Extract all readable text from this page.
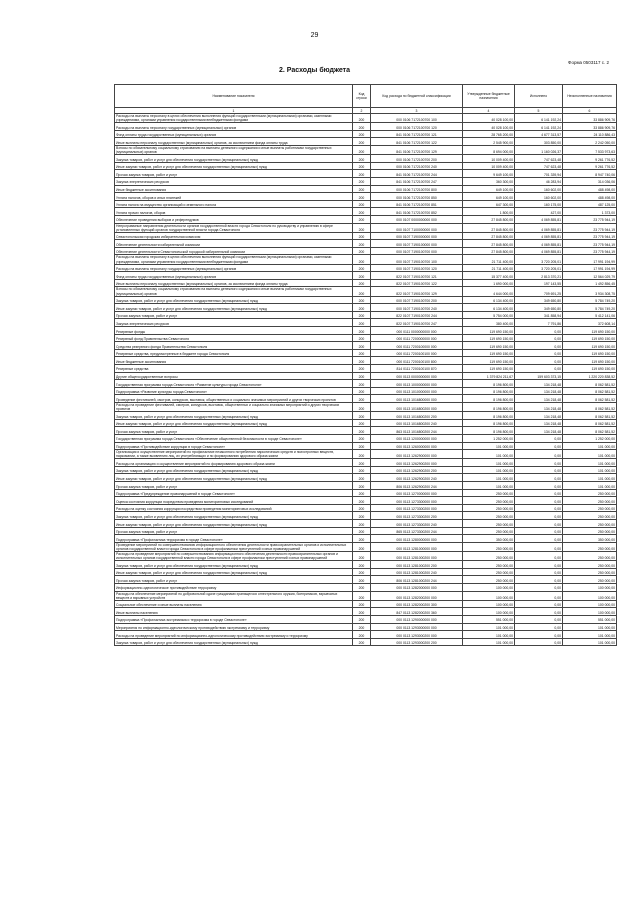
29
Форма 0503117 с. 2
2. Расходы бюджета
Наименование показателя	Код строки	Код расхода по бюджетной классификации	Утвержденные бюджетные назначения	Исполнено	Неисполненные назначения
1	2	3	4	5	6
Расходы на выплаты персоналу в целях обеспечения выполнения функций государственными (муниципальными) органами, казенными учреждениями, органами управления государственными внебюджетными фондами	200	000 0106 7172100700 100	40 028 100,00	6 141 192,24	33 886 909,76
Расходы на выплаты персоналу государственных (муниципальных) органов	200	000 0106 7172100700 120	40 028 100,00	6 141 192,24	33 886 909,76
Фонд оплаты труда государственных (муниципальных) органов	200	841 0106 7172100700 121	28 765 200,00	4 677 313,57	24 110 886,43
Иные выплаты персоналу государственных (муниципальных) органов, за исключением фонда оплаты труда	200	841 0106 7172100700 122	2 545 900,00	303 850,00	2 242 050,00
Взносы по обязательному социальному страхованию на выплаты денежного содержания и иные выплаты работникам государственных (муниципальных) органов	200	841 0106 7172100700 129	8 694 000,00	1 160 026,37	7 533 973,63
Закупка товаров, работ и услуг для обеспечения государственных (муниципальных) нужд	200	000 0106 7172100700 200	10 009 400,00	747 623,48	9 261 776,52
Иные закупки товаров, работ и услуг для обеспечения государственных (муниципальных) нужд	200	000 0106 7172100700 240	10 009 400,00	747 623,48	9 261 776,52
Прочая закупка товаров, работ и услуг	200	841 0106 7172100700 244	9 649 100,00	701 339,94	8 947 740,06
Закупка энергетических ресурсов	200	841 0106 7172100700 247	360 300,00	46 283,94	314 036,06
Иные бюджетные ассигнования	200	000 0106 7172100700 800	649 100,00	160 602,00	488 498,00
Уплата налогов, сборов и иных платежей	200	000 0106 7172100700 850	649 100,00	160 602,00	488 498,00
Уплата налога на имущество организаций и земельного налога	200	841 0106 7172100700 851	647 300,00	160 175,00	487 125,00
Уплата прочих налогов, сборов	200	841 0106 7172100700 852	1 800,00	427,00	1 373,00
Обеспечение проведения выборов и референдумов	200	000 0107 0000000000 000	27 845 800,00	4 069 855,81	23 775 944,19
Непрограммные направления деятельности органов государственной власти города Севастополя по руководству и управлению в сфере установленных функций органов государственной власти города Севастополя	200	000 0107 7100000000 000	27 845 800,00	4 069 855,81	23 775 944,19
Севастопольская городская избирательная комиссия	200	000 0107 7190000000 000	27 845 800,00	4 069 855,81	23 775 944,19
Обеспечение деятельности избирательной комиссии	200	000 0107 7190100000 000	27 845 800,00	4 069 855,81	23 775 944,19
Обеспечение деятельности Севастопольской городской избирательной комиссии	200	000 0107 7190100700 000	27 845 800,00	4 069 855,81	23 775 944,19
Расходы на выплаты персоналу в целях обеспечения выполнения функций государственными (муниципальными) органами, казенными учреждениями, органами управления государственными внебюджетными фондами	200	000 0107 7190100700 100	21 711 400,00	3 720 205,01	17 991 194,99
Расходы на выплаты персоналу государственных (муниципальных) органов	200	000 0107 7190100700 120	21 711 400,00	3 720 205,01	17 991 194,99
Фонд оплаты труда государственных (муниципальных) органов	200	822 0107 7190100700 121	15 377 400,00	2 813 370,21	12 564 029,79
Иные выплаты персоналу государственных (муниципальных) органов, за исключением фонда оплаты труда	200	822 0107 7190100700 122	1 690 000,00	197 143,55	1 492 856,45
Взносы по обязательному социальному страхованию на выплаты денежного содержания и иные выплаты работникам государственных (муниципальных) органов	200	822 0107 7190100700 129	4 644 000,00	709 691,25	3 934 308,75
Закупка товаров, работ и услуг для обеспечения государственных (муниципальных) нужд	200	000 0107 7190100700 200	6 134 400,00	349 650,80	5 784 749,20
Иные закупки товаров, работ и услуг для обеспечения государственных (муниципальных) нужд	200	000 0107 7190100700 240	6 134 400,00	349 650,80	5 784 749,20
Прочая закупка товаров, работ и услуг	200	822 0107 7190100700 244	5 754 000,00	341 858,94	5 412 141,06
Закупка энергетических ресурсов	200	822 0107 7190100700 247	380 400,00	7 791,86	372 608,14
Резервные фонды	200	000 0111 0000000000 000	119 690 150,00	0,00	119 690 150,00
Резервный фонд Правительства Севастополя	200	000 0111 7200000000 000	119 690 150,00	0,00	119 690 150,00
Средства резервного фонда Правительства Севастополя	200	000 0111 7200100000 000	119 690 150,00	0,00	119 690 150,00
Резервные средства, предусмотренные в бюджете города Севастополя	200	000 0111 7200100100 000	119 690 150,00	0,00	119 690 150,00
Иные бюджетные ассигнования	200	000 0111 7200100100 800	119 690 150,00	0,00	119 690 150,00
Резервные средства	200	814 0111 7200100100 870	119 690 150,00	0,00	119 690 150,00
Другие общегосударственные вопросы	200	000 0113 0000000000 000	1 379 824 211,67	159 603 373,15	1 220 220 838,52
Государственная программа города Севастополя «Развитие культуры города Севастополя»	200	000 0113 1000000000 000	8 196 800,00	134 218,48	8 062 581,52
Подпрограмма «Развитие культуры города Севастополя»	200	000 0113 1010000000 000	8 196 800,00	134 218,48	8 062 581,52
Проведение фестивалей, смотров, конкурсов, выставок, общественных и социально значимых мероприятий и других творческих проектов	200	000 0113 1016800000 000	8 196 800,00	134 218,48	8 062 581,52
Расходы на проведение фестивалей, смотров, конкурсов, выставок, общественных и социально значимых мероприятий и других творческих проектов	200	000 0113 1016800200 000	8 196 800,00	134 218,48	8 062 581,52
Закупка товаров, работ и услуг для обеспечения государственных (муниципальных) нужд	200	000 0113 1016800200 200	8 196 800,00	134 218,48	8 062 581,52
Иные закупки товаров, работ и услуг для обеспечения государственных (муниципальных) нужд	200	000 0113 1016800200 240	8 196 800,00	134 218,48	8 062 581,52
Прочая закупка товаров, работ и услуг	200	863 0113 1016800200 244	8 196 800,00	134 218,48	8 062 581,52
Государственная программа города Севастополя «Обеспечение общественной безопасности в городе Севастополе»	200	000 0113 1200000000 000	1 252 000,00	0,00	1 252 000,00
Подпрограмма «Противодействие коррупции в городе Севастополе»	200	000 0113 1260000000 000	101 000,00	0,00	101 000,00
Организация и осуществление мероприятий по профилактике незаконного потребления наркотических средств и психотропных веществ, наркомании, а также выявлению лиц, их употребляющих и по формированию здорового образа жизни	200	000 0113 1262900000 000	101 000,00	0,00	101 000,00
Расходы на организацию и осуществление мероприятий по формированию здорового образа жизни	200	000 0113 1262900200 000	101 000,00	0,00	101 000,00
Закупка товаров, работ и услуг для обеспечения государственных (муниципальных) нужд	200	000 0113 1262900200 200	101 000,00	0,00	101 000,00
Иные закупки товаров, работ и услуг для обеспечения государственных (муниципальных) нужд	200	000 0113 1262900200 240	101 000,00	0,00	101 000,00
Прочая закупка товаров, работ и услуг	200	806 0113 1262900200 244	101 000,00	0,00	101 000,00
Подпрограмма «Предупреждение правонарушений в городе Севастополе»	200	000 0113 1270000000 000	250 000,00	0,00	250 000,00
Оценка состояния коррупции посредством проведения мониторинговых исследований	200	000 0113 1273300000 000	250 000,00	0,00	250 000,00
Расходы на оценку состояния коррупции посредством проведения мониторинговых исследований	200	000 0113 1273300200 000	250 000,00	0,00	250 000,00
Закупка товаров, работ и услуг для обеспечения государственных (муниципальных) нужд	200	000 0113 1273300200 200	250 000,00	0,00	250 000,00
Иные закупки товаров, работ и услуг для обеспечения государственных (муниципальных) нужд	200	000 0113 1273300200 240	250 000,00	0,00	250 000,00
Прочая закупка товаров, работ и услуг	200	865 0113 1273300200 244	250 000,00	0,00	250 000,00
Подпрограмма «Профилактика терроризма в городе Севастополе»	200	000 0113 1280000000 000	350 000,00	0,00	350 000,00
Проведение мероприятий по совершенствованию информационного обеспечения деятельности правоохранительных органов и исполнительных органов государственной власти города Севастополя в сфере профилактики преступлений и иных правонарушений	200	000 0113 1281000000 000	250 000,00	0,00	250 000,00
Расходы на проведение мероприятий по совершенствованию информационного обеспечения деятельности правоохранительных органов и исполнительных органов государственной власти города Севастополя в сфере профилактики преступлений и иных правонарушений	200	000 0113 1281000200 000	250 000,00	0,00	250 000,00
Закупка товаров, работ и услуг для обеспечения государственных (муниципальных) нужд	200	000 0113 1281000200 200	250 000,00	0,00	250 000,00
Иные закупки товаров, работ и услуг для обеспечения государственных (муниципальных) нужд	200	000 0113 1281000200 240	250 000,00	0,00	250 000,00
Прочая закупка товаров, работ и услуг	200	806 0113 1281000200 244	250 000,00	0,00	250 000,00
Информационно-идеологическое противодействие терроризму	200	000 0113 1282000000 000	100 000,00	0,00	100 000,00
Расходы на обеспечение мероприятий по добровольной сдаче гражданами хранящегося огнестрельного оружия, боеприпасов, взрывчатых веществ и взрывных устройств	200	000 0113 1282000200 000	100 000,00	0,00	100 000,00
Социальное обеспечение и иные выплаты населению	200	000 0113 1282000200 300	100 000,00	0,00	100 000,00
Иные выплаты населению	200	847 0113 1282000200 360	100 000,00	0,00	100 000,00
Подпрограмма «Профилактика экстремизма и терроризма в городе Севастополе»	200	000 0113 1290000000 000	551 000,00	0,00	551 000,00
Мероприятия по информационно-идеологическому противодействию экстремизму и терроризму	200	000 0113 1293000000 000	101 000,00	0,00	101 000,00
Расходы на проведение мероприятий по информационно-идеологическому противодействию экстремизму и терроризму	200	000 0113 1293000200 000	101 000,00	0,00	101 000,00
Закупка товаров, работ и услуг для обеспечения государственных (муниципальных) нужд	200	000 0113 1293000200 200	101 000,00	0,00	101 000,00
